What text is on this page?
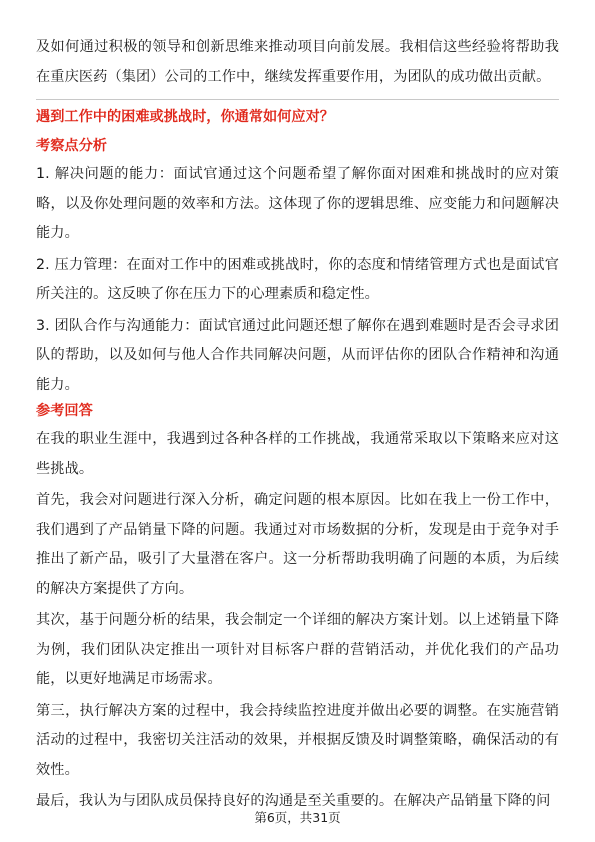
及如何通过积极的领导和创新思维来推动项目向前发展。我相信这些经验将帮助我在重庆医药（集团）公司的工作中，继续发挥重要作用，为团队的成功做出贡献。

遇到工作中的困难或挑战时，你通常如何应对？
考察点分析

1. 解决问题的能力：面试官通过这个问题希望了解你面对困难和挑战时的应对策略，以及你处理问题的效率和方法。这体现了你的逻辑思维、应变能力和问题解决能力。

2. 压力管理：在面对工作中的困难或挑战时，你的态度和情绪管理方式也是面试官所关注的。这反映了你在压力下的心理素质和稳定性。

3. 团队合作与沟通能力：面试官通过此问题还想了解你在遇到难题时是否会寻求团队的帮助，以及如何与他人合作共同解决问题，从而评估你的团队合作精神和沟通能力。

参考回答

在我的职业生涯中，我遇到过各种各样的工作挑战，我通常采取以下策略来应对这些挑战。

首先，我会对问题进行深入分析，确定问题的根本原因。比如在我上一份工作中，我们遇到了产品销量下降的问题。我通过对市场数据的分析，发现是由于竞争对手推出了新产品，吸引了大量潜在客户。这一分析帮助我明确了问题的本质，为后续的解决方案提供了方向。

其次，基于问题分析的结果，我会制定一个详细的解决方案计划。以上述销量下降为例，我们团队决定推出一项针对目标客户群的营销活动，并优化我们的产品功能，以更好地满足市场需求。

第三，执行解决方案的过程中，我会持续监控进度并做出必要的调整。在实施营销活动的过程中，我密切关注活动的效果，并根据反馈及时调整策略，确保活动的有效性。

最后，我认为与团队成员保持良好的沟通是至关重要的。在解决产品销量下降的问

第6页，共31页
